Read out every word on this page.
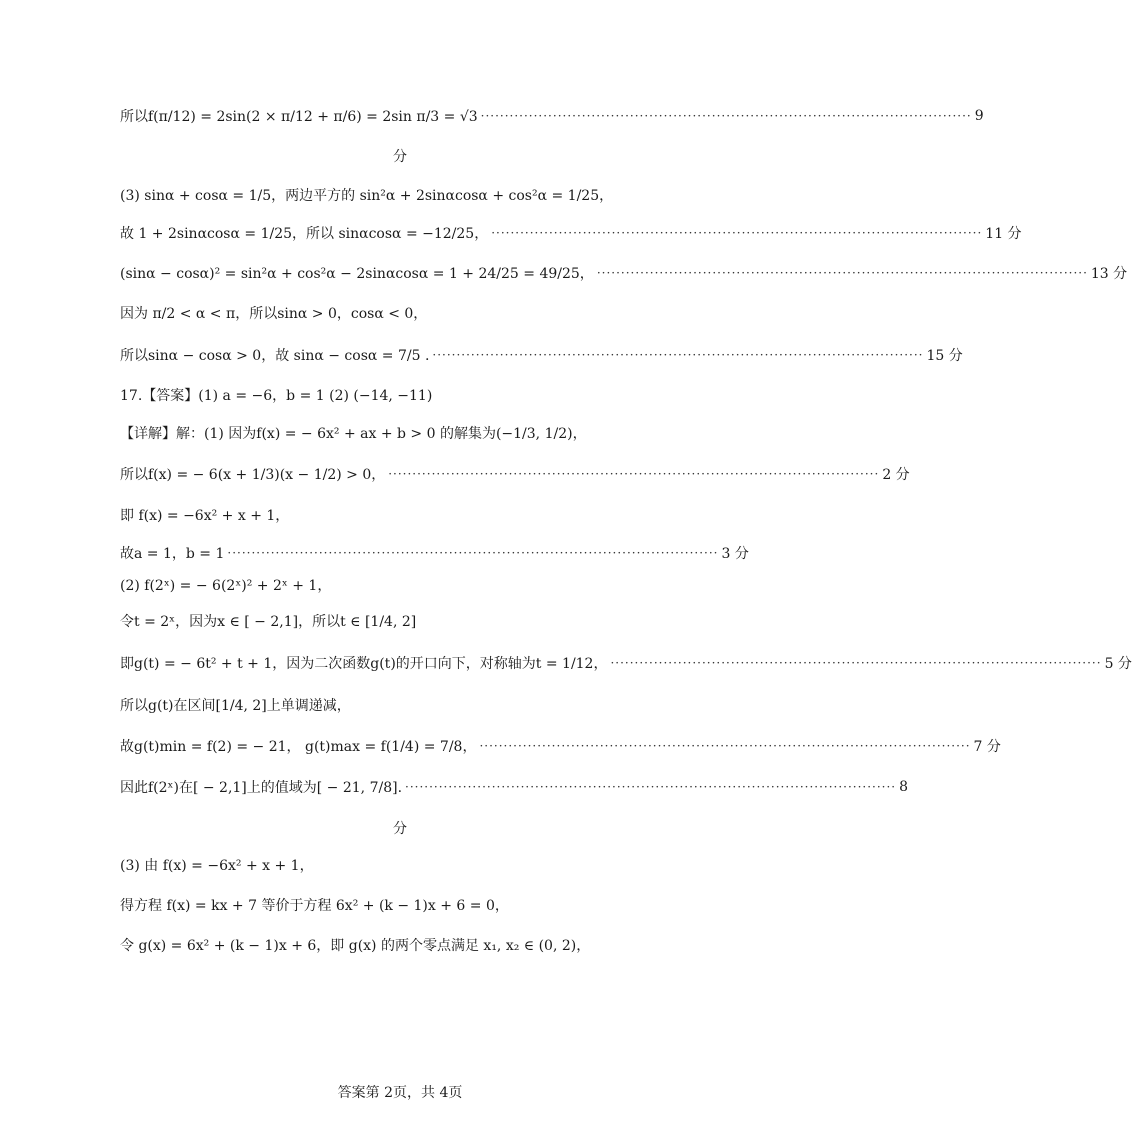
所以f(π/12) = 2sin(2 × π/12 + π/6) = 2sin π/3 = √3 ······································································································ 9
分
(3) sinα + cosα = 1/5，两边平方的 sin²α + 2sinαcosα + cos²α = 1/25，
故 1 + 2sinαcosα = 1/25，所以 sinαcosα = −12/25， ······································································································ 11 分
(sinα − cosα)² = sin²α + cos²α − 2sinαcosα = 1 + 24/25 = 49/25， ······································································································ 13 分
因为 π/2 < α < π，所以sinα > 0，cosα < 0，
所以sinα − cosα > 0，故 sinα − cosα = 7/5 . ······································································································ 15 分
17.【答案】(1) a = −6，b = 1 (2) (−14, −11)
【详解】解：(1) 因为f(x) = − 6x² + ax + b > 0 的解集为(−1/3, 1/2)，
所以f(x) = − 6(x + 1/3)(x − 1/2) > 0， ······································································································ 2 分
即 f(x) = −6x² + x + 1，
故a = 1，b = 1 ······································································································ 3 分
(2) f(2ˣ) = − 6(2ˣ)² + 2ˣ + 1，
令t = 2ˣ，因为x ∈ [ − 2,1]，所以t ∈ [1/4, 2]
即g(t) = − 6t² + t + 1，因为二次函数g(t)的开口向下，对称轴为t = 1/12， ······································································································ 5 分
所以g(t)在区间[1/4, 2]上单调递减，
故g(t)min = f(2) = − 21， g(t)max = f(1/4) = 7/8， ······································································································ 7 分
因此f(2ˣ)在[ − 2,1]上的值域为[ − 21, 7/8]. ······································································································ 8
分
(3) 由 f(x) = −6x² + x + 1，
得方程 f(x) = kx + 7 等价于方程 6x² + (k − 1)x + 6 = 0，
令 g(x) = 6x² + (k − 1)x + 6，即 g(x) 的两个零点满足 x₁, x₂ ∈ (0, 2)，
答案第 2页，共 4页
